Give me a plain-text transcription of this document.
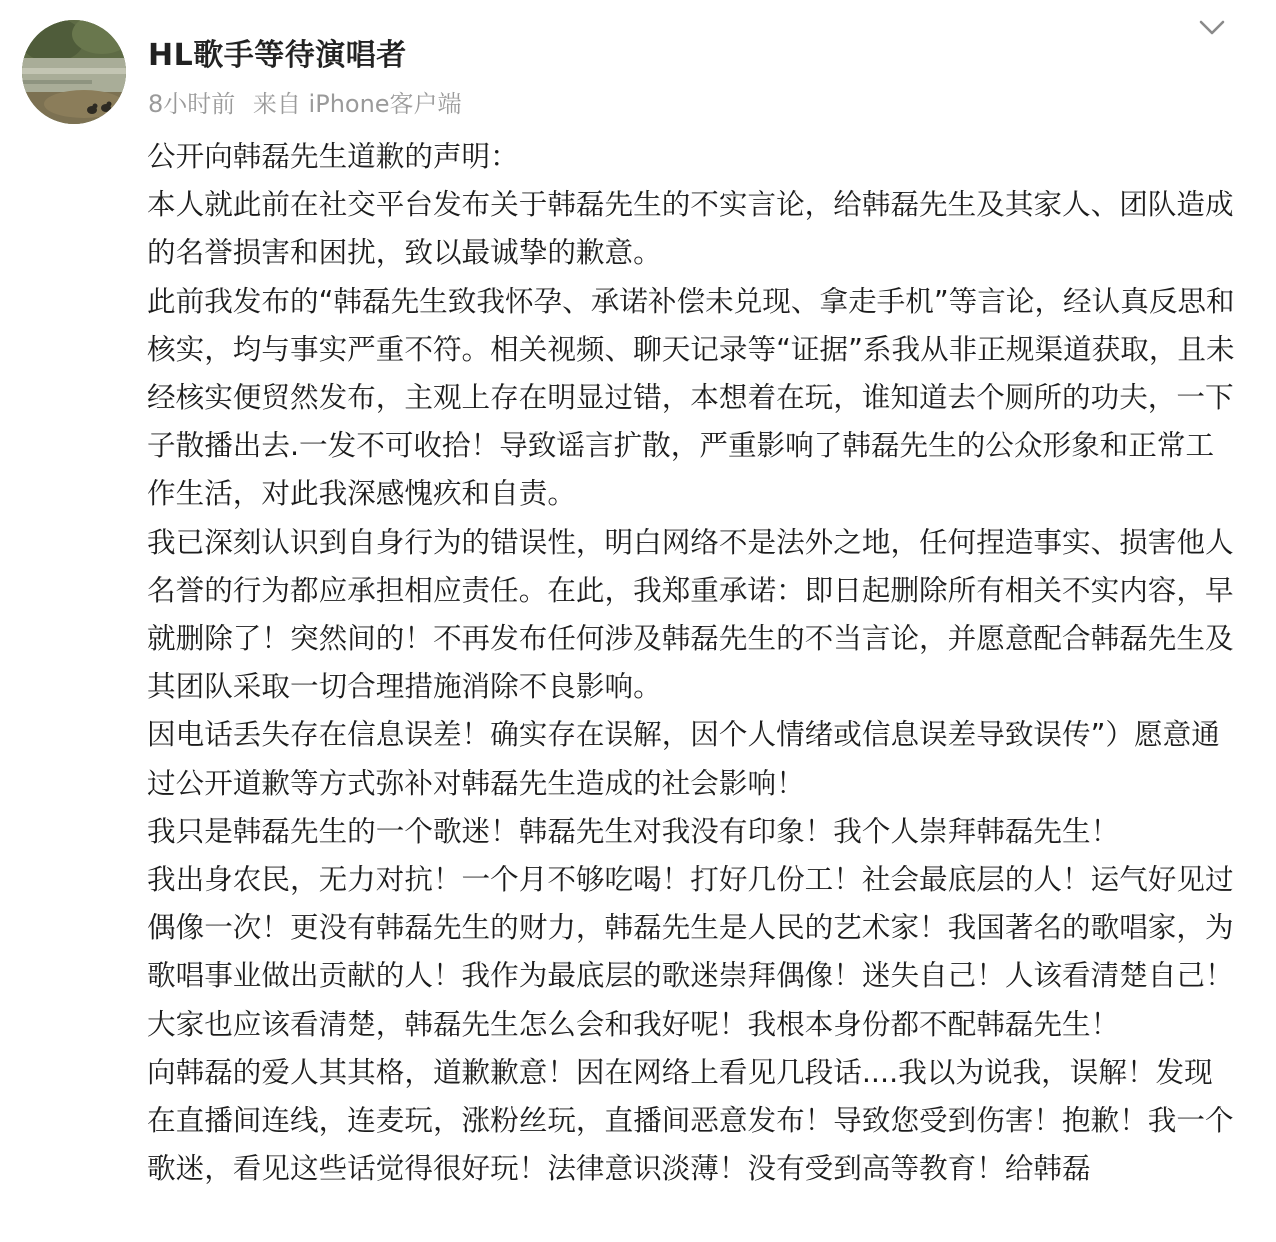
HL歌手等待演唱者
8小时前 来自 iPhone客户端

公开向韩磊先生道歉的声明：

本人就此前在社交平台发布关于韩磊先生的不实言论，给韩磊先生及其家人、团队造成的名誉损害和困扰，致以最诚挚的歉意。

此前我发布的“韩磊先生致我怀孕、承诺补偿未兑现、拿走手机”等言论，经认真反思和核实，均与事实严重不符。相关视频、聊天记录等“证据”系我从非正规渠道获取，且未经核实便贸然发布，主观上存在明显过错，本想着在玩，谁知道去个厕所的功夫，一下子散播出去.一发不可收拾！导致谣言扩散，严重影响了韩磊先生的公众形象和正常工作生活，对此我深感愧疚和自责。

我已深刻认识到自身行为的错误性，明白网络不是法外之地，任何捏造事实、损害他人名誉的行为都应承担相应责任。在此，我郑重承诺：即日起删除所有相关不实内容，早就删除了！突然间的！不再发布任何涉及韩磊先生的不当言论，并愿意配合韩磊先生及其团队采取一切合理措施消除不良影响。

因电话丢失存在信息误差！确实存在误解，因个人情绪或信息误差导致误传”）愿意通过公开道歉等方式弥补对韩磊先生造成的社会影响！

我只是韩磊先生的一个歌迷！韩磊先生对我没有印象！我个人崇拜韩磊先生！

我出身农民，无力对抗！一个月不够吃喝！打好几份工！社会最底层的人！运气好见过偶像一次！更没有韩磊先生的财力，韩磊先生是人民的艺术家！我国著名的歌唱家，为歌唱事业做出贡献的人！我作为最底层的歌迷崇拜偶像！迷失自己！人该看清楚自己！大家也应该看清楚，韩磊先生怎么会和我好呢！我根本身份都不配韩磊先生！

向韩磊的爱人其其格，道歉歉意！因在网络上看见几段话....我以为说我，误解！发现在直播间连线，连麦玩，涨粉丝玩，直播间恶意发布！导致您受到伤害！抱歉！我一个歌迷，看见这些话觉得很好玩！法律意识淡薄！没有受到高等教育！给韩磊
